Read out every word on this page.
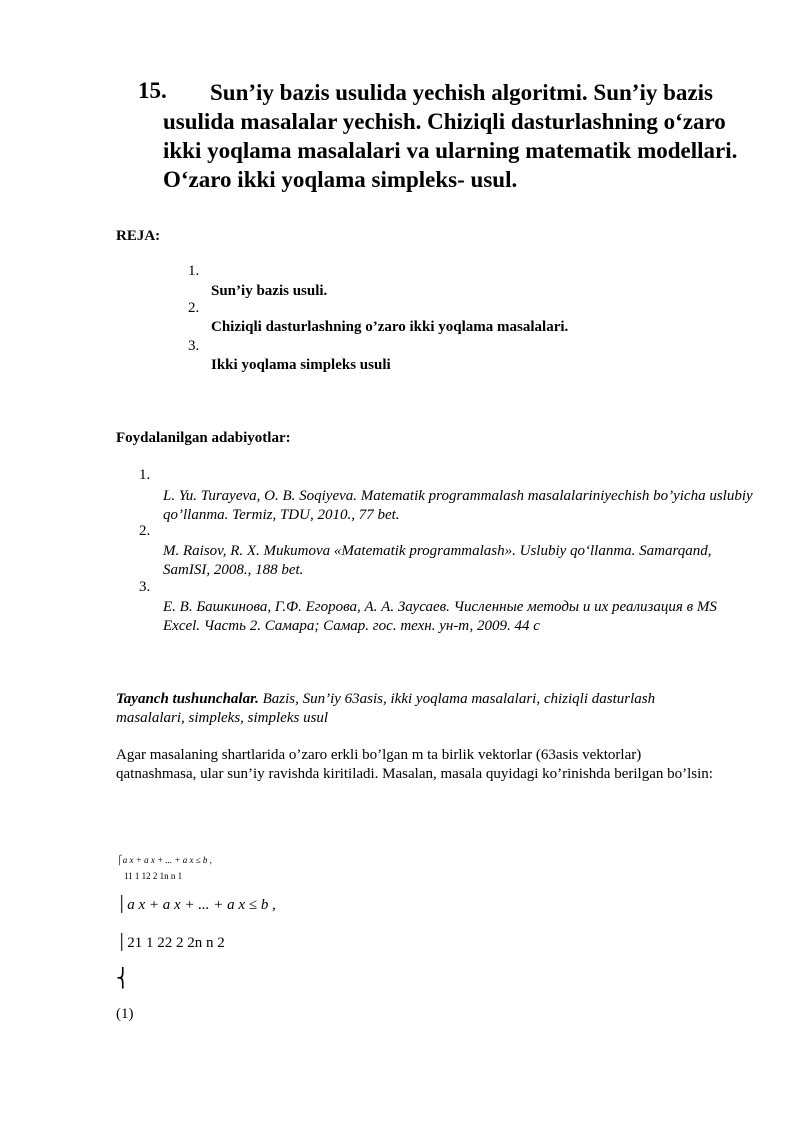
15.	Sun’iy bazis usulida yechish algoritmi. Sun’iy bazis usulida masalalar yechish. Chiziqli dasturlashning o‘zaro ikki yoqlama masalalari va ularning matematik modellari. O‘zaro ikki yoqlama simpleks- usul.
REJA:
1.
Sun’iy bazis usuli.
2.
Chiziqli dasturlashning o’zaro ikki yoqlama masalalari.
3.
Ikki yoqlama simpleks usuli
Foydalanilgan adabiyotlar:
1.
L. Yu. Turayeva, O. B. Soqiyeva. Matematik programmalash masalalariniyechish bo’yicha uslubiy qo’llanma. Termiz, TDU, 2010., 77 bet.
2.
M. Raisov, R. X. Mukumova «Matematik programmalash». Uslubiy qo‘llanma. Samarqand, SamISI, 2008., 188 bet.
3.
Е. В. Башкинова, Г.Ф. Егорова, А. А. Заусаев. Численные методы и их реализация в MS Excel. Часть 2. Самара; Самар. гос. техн. ун-т, 2009. 44 с
Tayanch tushunchalar. Bazis, Sun’iy 63asis, ikki yoqlama masalalari, chiziqli dasturlash masalalari, simpleks, simpleks usul
Agar masalaning shartlarida o’zaro erkli bo’lgan m ta birlik vektorlar (63asis vektorlar) qatnashmasa, ular sun’iy ravishda kiritiladi. Masalan, masala quyidagi ko’rinishda berilgan bo’lsin:
⎧a x + a x + ... + a x ≤ b ,
11 1 12 2 1n n 1
⎪a x + a x + ... + a x ≤ b ,
⎪21 1 22 2 2n n 2
⎨
(1)
